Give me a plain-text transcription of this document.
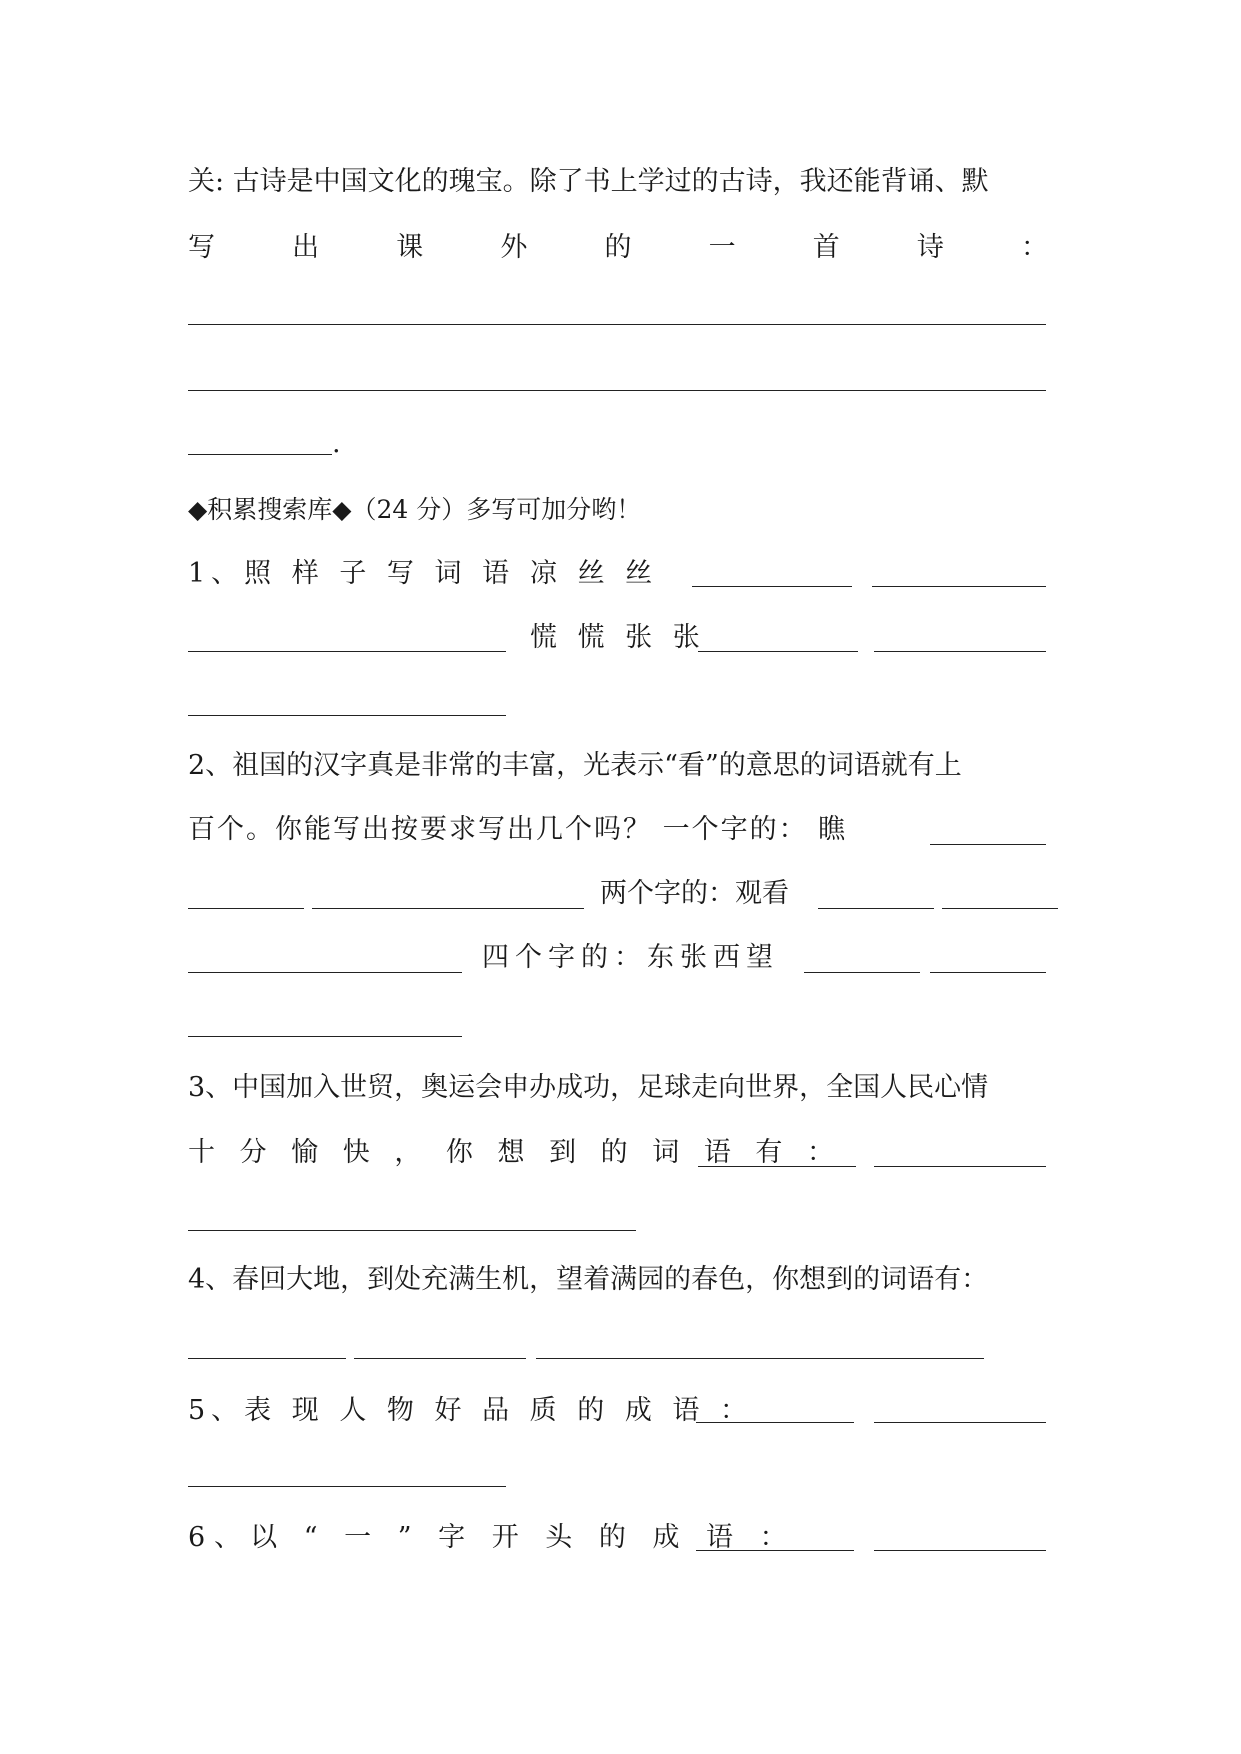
关: 古诗是中国文化的瑰宝。除了书上学过的古诗，我还能背诵、默
写	出	课	外	的	一	首	诗	：
.
◆积累搜索库◆（24 分）多写可加分哟！
1、照 样 子 写 词 语 凉 丝 丝
慌 慌 张 张
2、祖国的汉字真是非常的丰富，光表示“看”的意思的词语就有上
百个。你能写出按要求写出几个吗？ 一个字的： 瞧
两个字的：观看
四个字的：东张西望
3、中国加入世贸，奥运会申办成功，足球走向世界，全国人民心情
十 分 愉 快 ， 你 想 到 的 词 语 有 ：
4、春回大地，到处充满生机，望着满园的春色，你想到的词语有：
5、表 现 人 物 好 品 质 的 成 语 ：
6、以 “ 一 ” 字 开 头 的 成 语 ：
